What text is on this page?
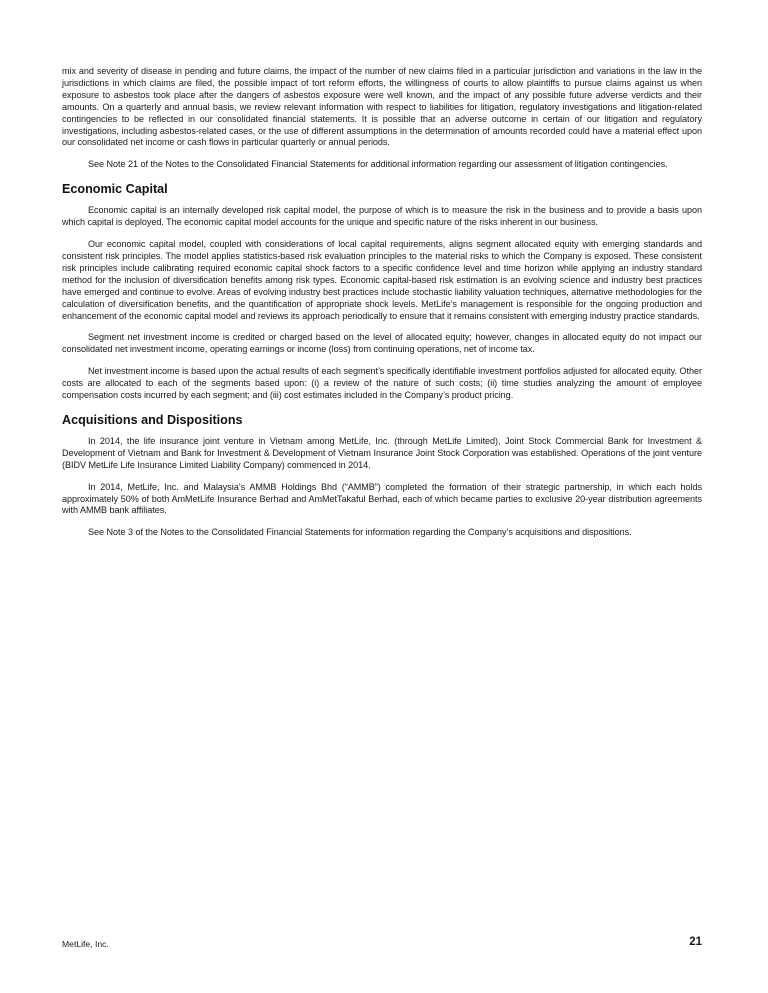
mix and severity of disease in pending and future claims, the impact of the number of new claims filed in a particular jurisdiction and variations in the law in the jurisdictions in which claims are filed, the possible impact of tort reform efforts, the willingness of courts to allow plaintiffs to pursue claims against us when exposure to asbestos took place after the dangers of asbestos exposure were well known, and the impact of any possible future adverse verdicts and their amounts. On a quarterly and annual basis, we review relevant information with respect to liabilities for litigation, regulatory investigations and litigation-related contingencies to be reflected in our consolidated financial statements. It is possible that an adverse outcome in certain of our litigation and regulatory investigations, including asbestos-related cases, or the use of different assumptions in the determination of amounts recorded could have a material effect upon our consolidated net income or cash flows in particular quarterly or annual periods.

See Note 21 of the Notes to the Consolidated Financial Statements for additional information regarding our assessment of litigation contingencies.

Economic Capital

Economic capital is an internally developed risk capital model, the purpose of which is to measure the risk in the business and to provide a basis upon which capital is deployed. The economic capital model accounts for the unique and specific nature of the risks inherent in our business.

Our economic capital model, coupled with considerations of local capital requirements, aligns segment allocated equity with emerging standards and consistent risk principles. The model applies statistics-based risk evaluation principles to the material risks to which the Company is exposed. These consistent risk principles include calibrating required economic capital shock factors to a specific confidence level and time horizon while applying an industry standard method for the inclusion of diversification benefits among risk types. Economic capital-based risk estimation is an evolving science and industry best practices have emerged and continue to evolve. Areas of evolving industry best practices include stochastic liability valuation techniques, alternative methodologies for the calculation of diversification benefits, and the quantification of appropriate shock levels. MetLife’s management is responsible for the ongoing production and enhancement of the economic capital model and reviews its approach periodically to ensure that it remains consistent with emerging industry practice standards.

Segment net investment income is credited or charged based on the level of allocated equity; however, changes in allocated equity do not impact our consolidated net investment income, operating earnings or income (loss) from continuing operations, net of income tax.

Net investment income is based upon the actual results of each segment’s specifically identifiable investment portfolios adjusted for allocated equity. Other costs are allocated to each of the segments based upon: (i) a review of the nature of such costs; (ii) time studies analyzing the amount of employee compensation costs incurred by each segment; and (iii) cost estimates included in the Company’s product pricing.

Acquisitions and Dispositions

In 2014, the life insurance joint venture in Vietnam among MetLife, Inc. (through MetLife Limited), Joint Stock Commercial Bank for Investment & Development of Vietnam and Bank for Investment & Development of Vietnam Insurance Joint Stock Corporation was established. Operations of the joint venture (BIDV MetLife Life Insurance Limited Liability Company) commenced in 2014.

In 2014, MetLife, Inc. and Malaysia’s AMMB Holdings Bhd (“AMMB”) completed the formation of their strategic partnership, in which each holds approximately 50% of both AmMetLife Insurance Berhad and AmMetTakaful Berhad, each of which became parties to exclusive 20-year distribution agreements with AMMB bank affiliates.

See Note 3 of the Notes to the Consolidated Financial Statements for information regarding the Company’s acquisitions and dispositions.

MetLife, Inc.	21
